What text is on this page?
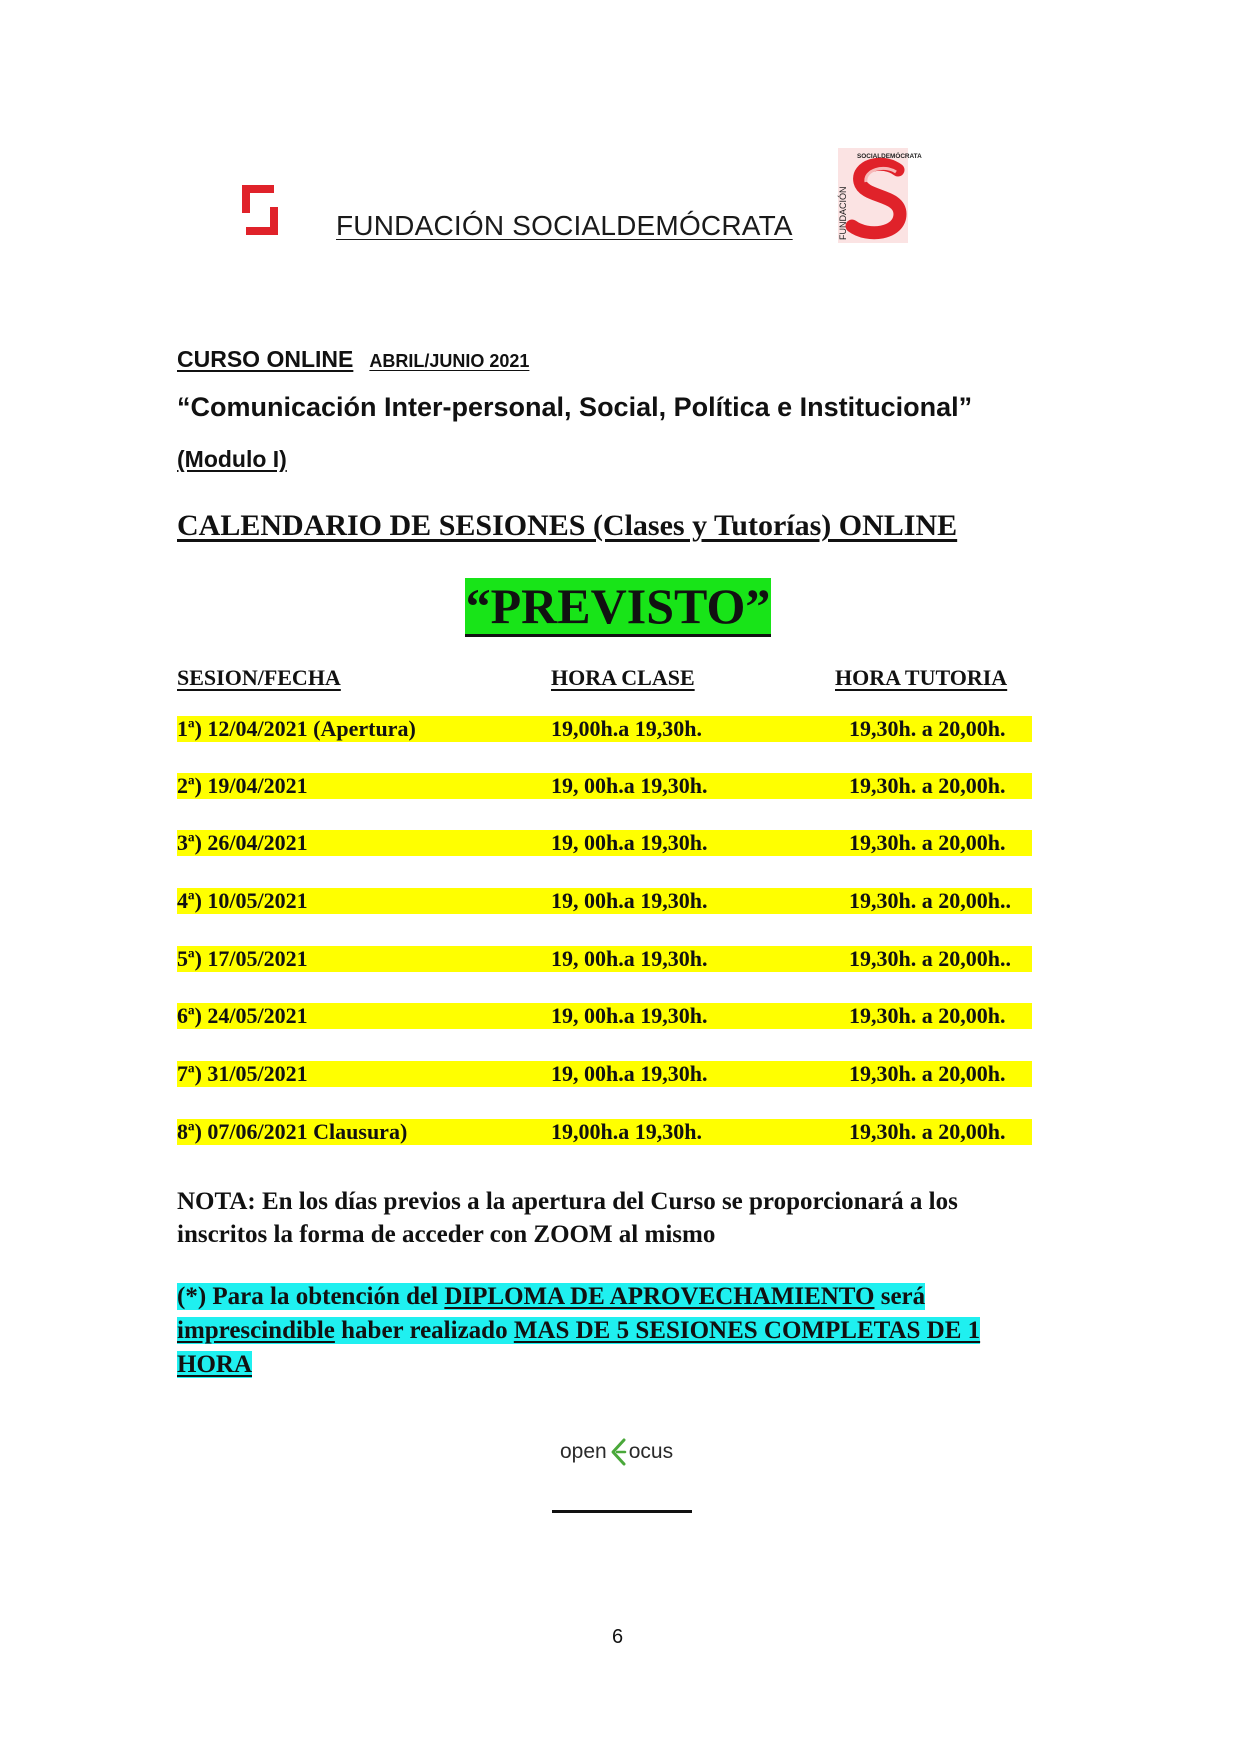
FUNDACIÓN SOCIALDEMÓCRATA	FUNDACIÓN
SOCIALDEMÓCRATA
CURSO ONLINE ABRIL/JUNIO 2021
“Comunicación Inter-personal, Social, Política e Institucional”
(Modulo I)
CALENDARIO DE SESIONES (Clases y Tutorías) ONLINE
“PREVISTO”
SESION/FECHA	HORA CLASE	HORA TUTORIA
1ª) 12/04/2021 (Apertura)	19,00h.a 19,30h.	19,30h. a 20,00h.
2ª) 19/04/2021	19, 00h.a 19,30h.	19,30h. a 20,00h.
3ª) 26/04/2021	19, 00h.a 19,30h.	19,30h. a 20,00h.
4ª) 10/05/2021	19, 00h.a 19,30h.	19,30h. a 20,00h..
5ª) 17/05/2021	19, 00h.a 19,30h.	19,30h. a 20,00h..
6ª) 24/05/2021	19, 00h.a 19,30h.	19,30h. a 20,00h.
7ª) 31/05/2021	19, 00h.a 19,30h.	19,30h. a 20,00h.
8ª) 07/06/2021 Clausura)	19,00h.a 19,30h.	19,30h. a 20,00h.
NOTA: En los días previos a la apertura del Curso se proporcionará a los inscritos la forma de acceder con ZOOM al mismo
(*) Para la obtención del DIPLOMA DE APROVECHAMIENTO será imprescindible haber realizado MAS DE 5 SESIONES COMPLETAS DE 1 HORA
open ocus
6
